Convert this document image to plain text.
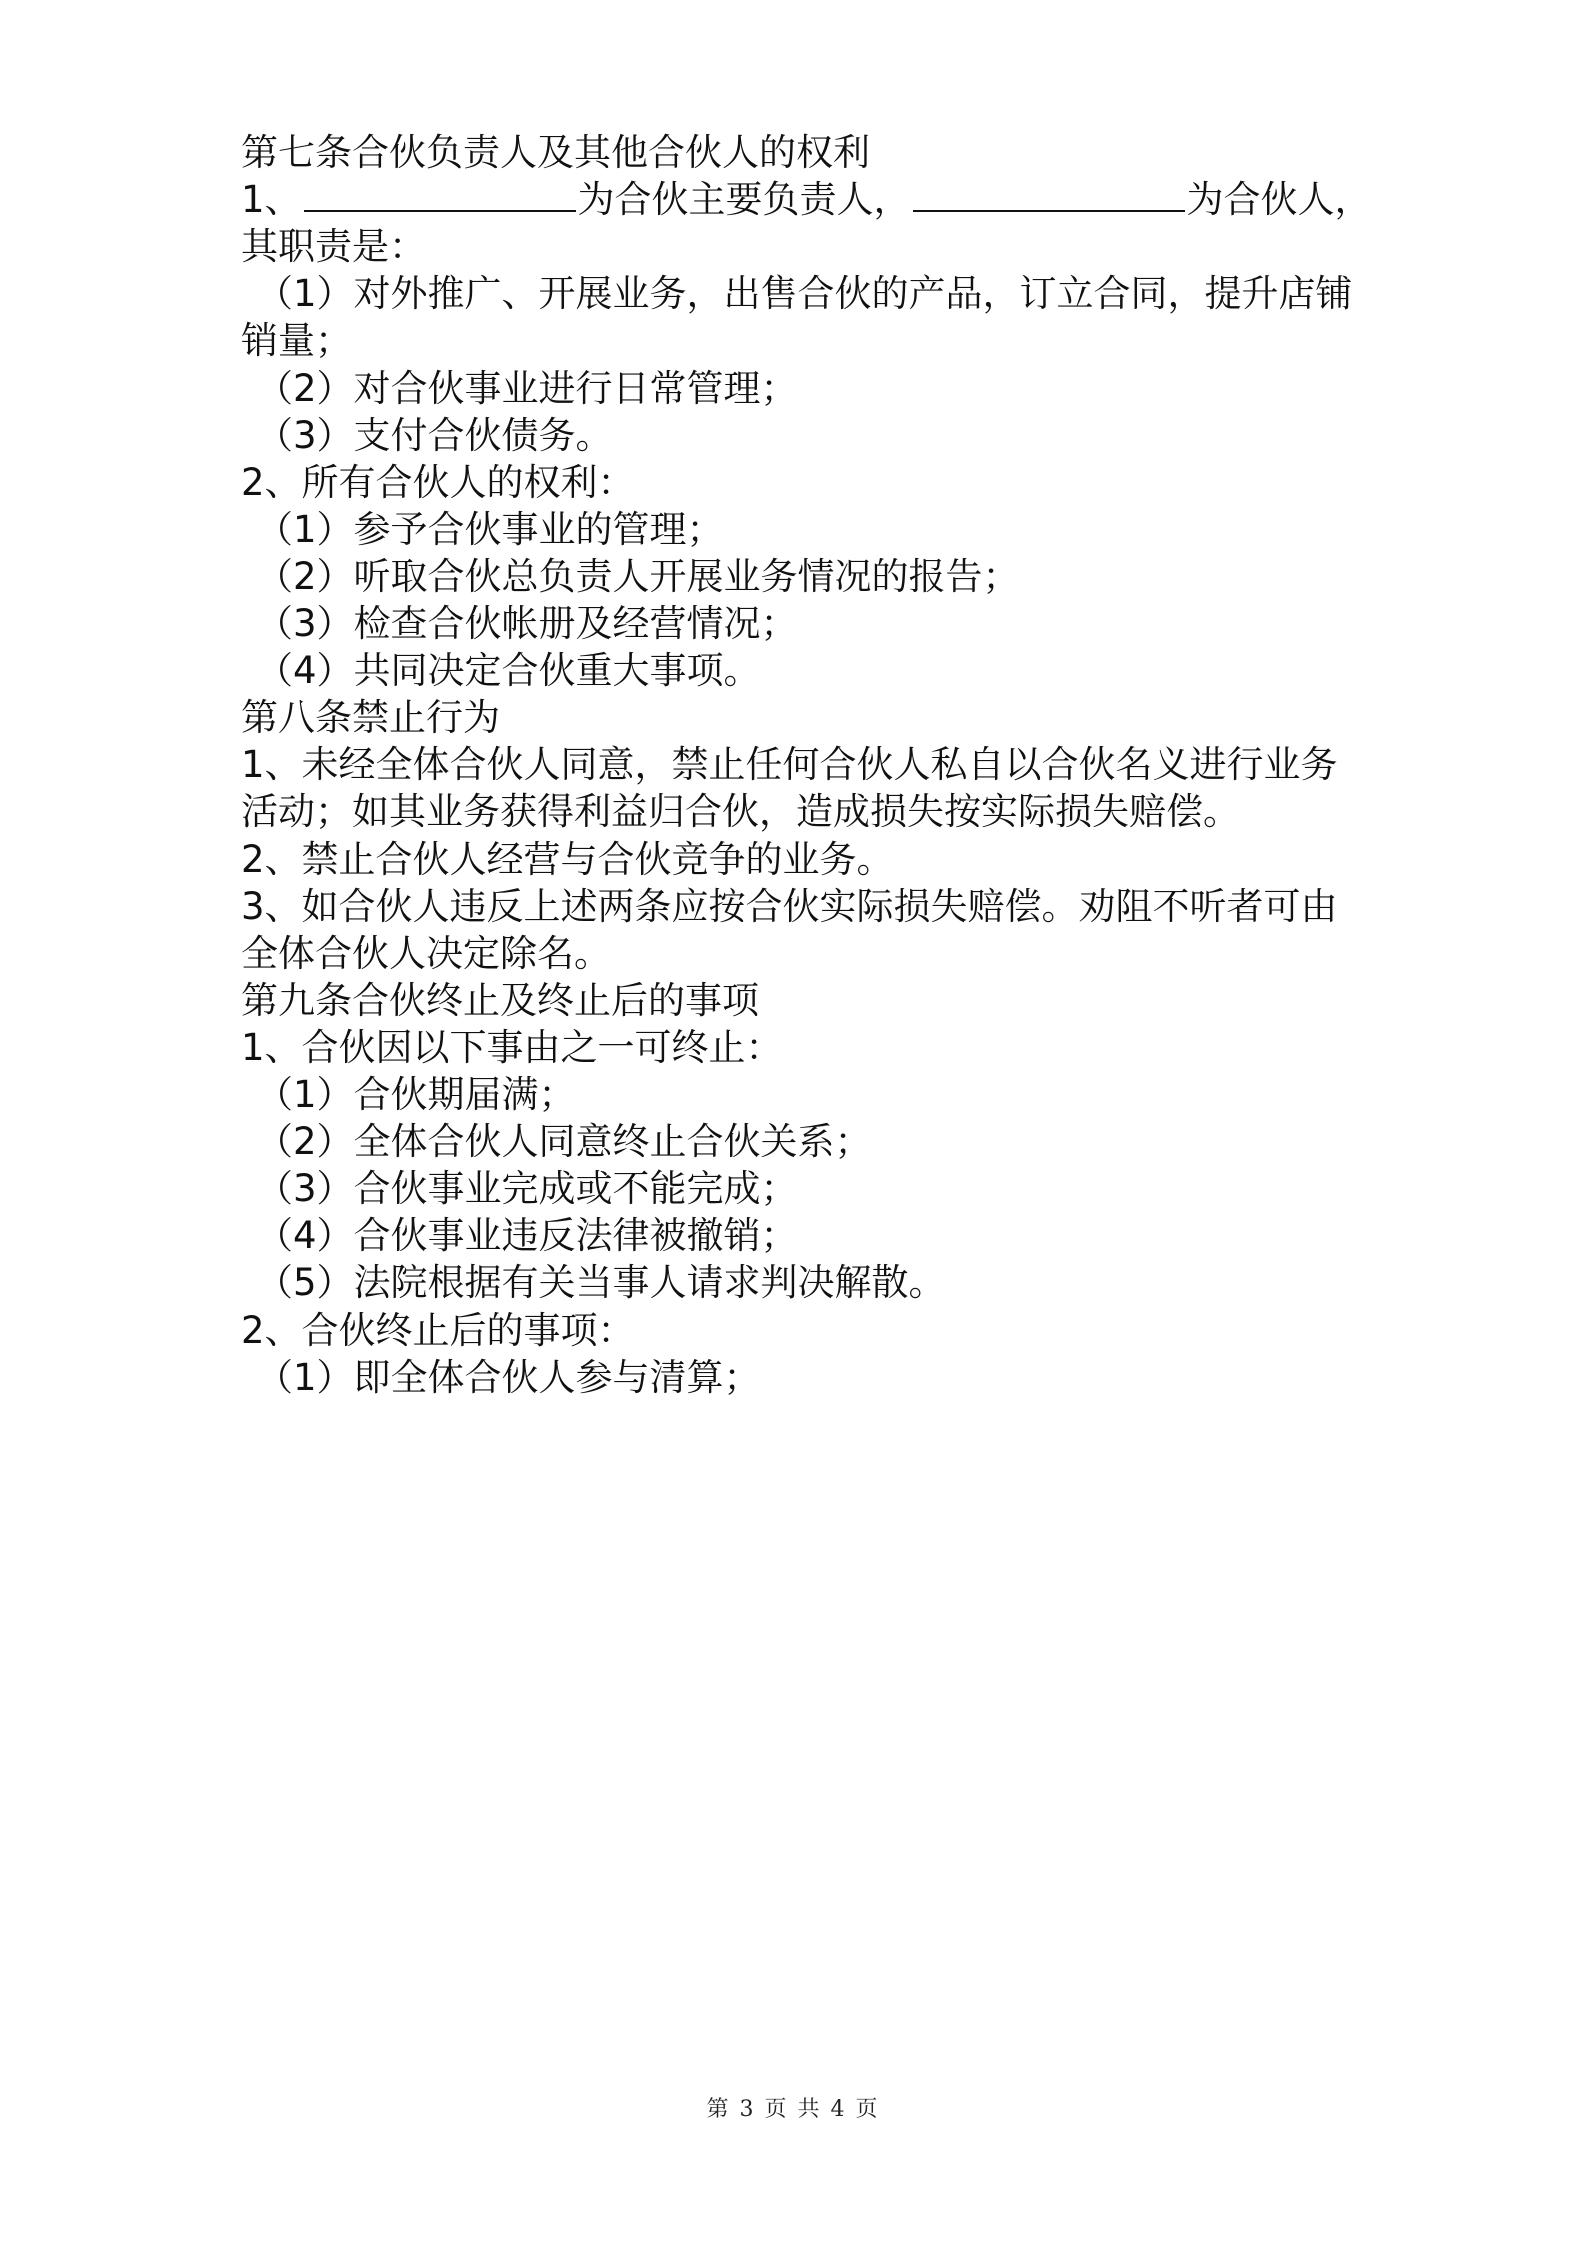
第七条合伙负责人及其他合伙人的权利
1、	为合伙主要负责人，	为合伙人，
其职责是：
（1）对外推广、开展业务，出售合伙的产品，订立合同，提升店铺
销量；
（2）对合伙事业进行日常管理；
（3）支付合伙债务。
2、所有合伙人的权利：
（1）参予合伙事业的管理；
（2）听取合伙总负责人开展业务情况的报告；
（3）检查合伙帐册及经营情况；
（4）共同决定合伙重大事项。
第八条禁止行为
1、未经全体合伙人同意，禁止任何合伙人私自以合伙名义进行业务
活动；如其业务获得利益归合伙，造成损失按实际损失赔偿。
2、禁止合伙人经营与合伙竞争的业务。
3、如合伙人违反上述两条应按合伙实际损失赔偿。劝阻不听者可由
全体合伙人决定除名。
第九条合伙终止及终止后的事项
1、合伙因以下事由之一可终止：
（1）合伙期届满；
（2）全体合伙人同意终止合伙关系；
（3）合伙事业完成或不能完成；
（4）合伙事业违反法律被撤销；
（5）法院根据有关当事人请求判决解散。
2、合伙终止后的事项：
（1）即全体合伙人参与清算；
第 3 页 共 4 页
